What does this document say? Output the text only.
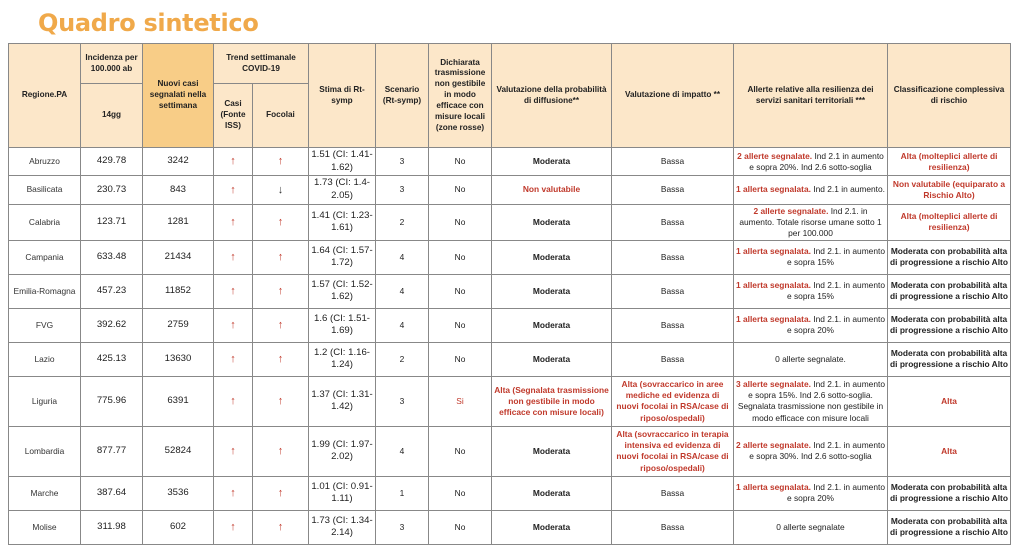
Quadro sintetico
Regione.PA	Incidenza per 100.000 ab	Nuovi casi segnalati nella settimana	Trend settimanale COVID-19		Stima di Rt-symp	Scenario (Rt-symp)	Dichiarata trasmissione non gestibile in modo efficace con misure locali (zone rosse)	Valutazione della probabilità di diffusione**	Valutazione di impatto **	Allerte relative alla resilienza dei servizi sanitari territoriali ***	Classificazione complessiva di rischio
	14gg		Casi (Fonte ISS)	Focolai							
Abruzzo	429.78	3242	↑	↑	1.51 (CI: 1.41-1.62)	3	No	Moderata	Bassa	2 allerte segnalate. Ind 2.1 in aumento e sopra 20%. Ind 2.6 sotto-soglia	Alta (molteplici allerte di resilienza)
Basilicata	230.73	843	↑	↓	1.73 (CI: 1.4-2.05)	3	No	Non valutabile	Bassa	1 allerta segnalata. Ind 2.1 in aumento.	Non valutabile (equiparato a Rischio Alto)
Calabria	123.71	1281	↑	↑	1.41 (CI: 1.23-1.61)	2	No	Moderata	Bassa	2 allerte segnalate. Ind 2.1. in aumento. Totale risorse umane sotto 1 per 100.000	Alta (molteplici allerte di resilienza)
Campania	633.48	21434	↑	↑	1.64 (CI: 1.57-1.72)	4	No	Moderata	Bassa	1 allerta segnalata. Ind 2.1. in aumento e sopra 15%	Moderata con probabilità alta di progressione a rischio Alto
Emilia-Romagna	457.23	11852	↑	↑	1.57 (CI: 1.52-1.62)	4	No	Moderata	Bassa	1 allerta segnalata. Ind 2.1. in aumento e sopra 15%	Moderata con probabilità alta di progressione a rischio Alto
FVG	392.62	2759	↑	↑	1.6 (CI: 1.51-1.69)	4	No	Moderata	Bassa	1 allerta segnalata. Ind 2.1. in aumento e sopra 20%	Moderata con probabilità alta di progressione a rischio Alto
Lazio	425.13	13630	↑	↑	1.2 (CI: 1.16-1.24)	2	No	Moderata	Bassa	0 allerte segnalate.	Moderata con probabilità alta di progressione a rischio Alto
Liguria	775.96	6391	↑	↑	1.37 (CI: 1.31-1.42)	3	Si	Alta (Segnalata trasmissione non gestibile in modo efficace con misure locali)	Alta (sovraccarico in aree mediche ed evidenza di nuovi focolai in RSA/case di riposo/ospedali)	3 allerte segnalate. Ind 2.1. in aumento e sopra 15%. Ind 2.6 sotto-soglia. Segnalata trasmissione non gestibile in modo efficace con misure locali	Alta
Lombardia	877.77	52824	↑	↑	1.99 (CI: 1.97-2.02)	4	No	Moderata	Alta (sovraccarico in terapia intensiva ed evidenza di nuovi focolai in RSA/case di riposo/ospedali)	2 allerte segnalate. Ind 2.1. in aumento e sopra 30%. Ind 2.6 sotto-soglia	Alta
Marche	387.64	3536	↑	↑	1.01 (CI: 0.91-1.11)	1	No	Moderata	Bassa	1 allerta segnalata. Ind 2.1. in aumento e sopra 20%	Moderata con probabilità alta di progressione a rischio Alto
Molise	311.98	602	↑	↑	1.73 (CI: 1.34-2.14)	3	No	Moderata	Bassa	0 allerte segnalate	Moderata con probabilità alta di progressione a rischio Alto
